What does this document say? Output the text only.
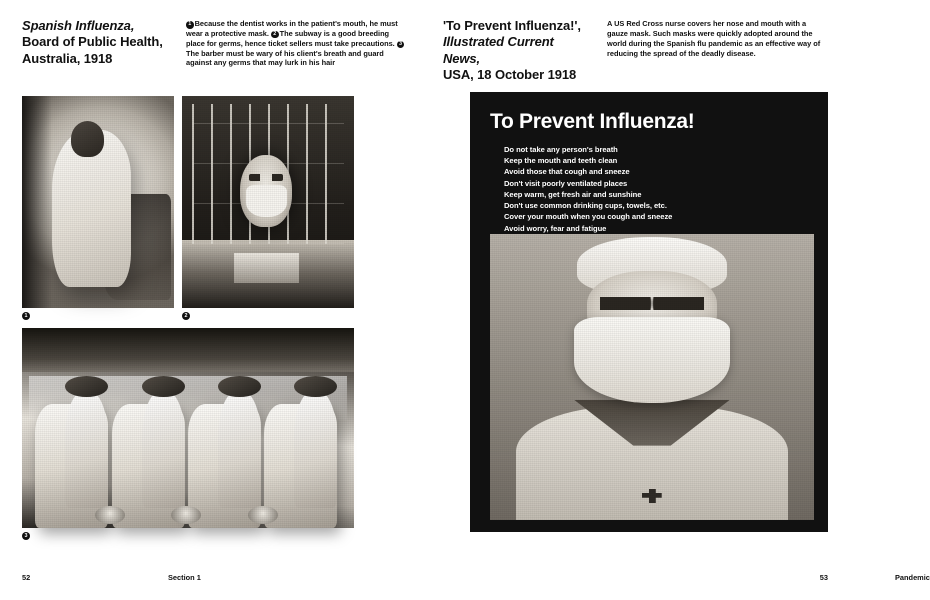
Spanish Influenza,
Board of Public Health,
Australia, 1918
1 Because the dentist works in the patient's mouth, he must wear a protective mask. 2 The subway is a good breeding place for germs, hence ticket sellers must take precautions. 3The barber must be wary of his client's breath and guard against any germs that may lurk in his hair
1	2
3
52	Section 1
'To Prevent Influenza!',
Illustrated Current News,
USA, 18 October 1918
A US Red Cross nurse covers her nose and mouth with a gauze mask. Such masks were quickly adopted around the world during the Spanish flu pandemic as an effective way of reducing the spread of the deadly disease.
Pandemic
53
To Prevent Influenza!
Do not take any person's breath
Keep the mouth and teeth clean
Avoid those that cough and sneeze
Don't visit poorly ventilated places
Keep warm, get fresh air and sunshine
Don't use common drinking cups, towels, etc.
Cover your mouth when you cough and sneeze
Avoid worry, fear and fatigue
